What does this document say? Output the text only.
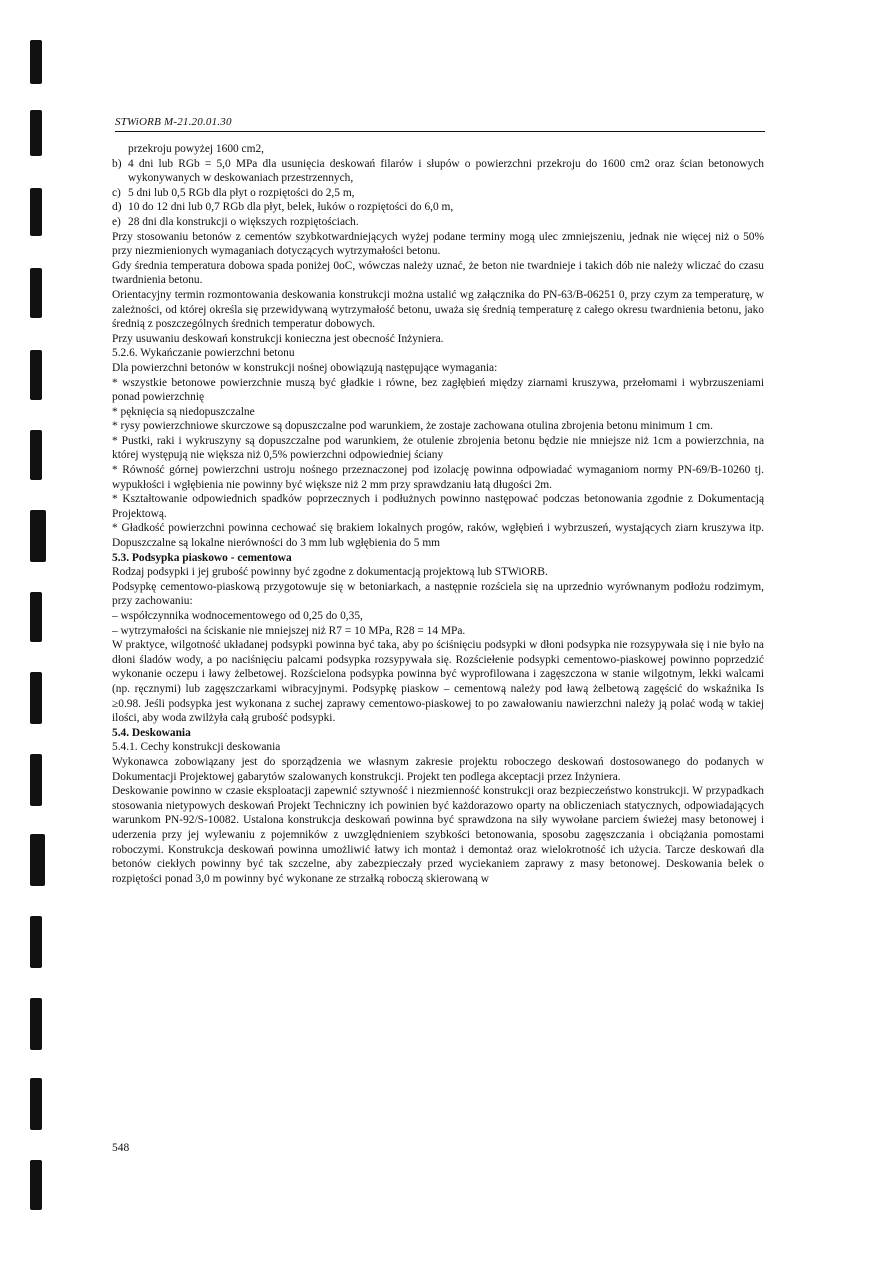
STWiORB M-21.20.01.30

przekroju powyżej 1600 cm2,

b) 4 dni lub RGb = 5,0 MPa dla usunięcia deskowań filarów i słupów o powierzchni przekroju do 1600 cm2 oraz ścian betonowych wykonywanych w deskowaniach przestrzennych,
c) 5 dni lub 0,5 RGb dla płyt o rozpiętości do 2,5 m,
d) 10 do 12 dni lub 0,7 RGb dla płyt, belek, łuków o rozpiętości do 6,0 m,
e) 28 dni dla konstrukcji o większych rozpiętościach.

Przy stosowaniu betonów z cementów szybkotwardniejących wyżej podane terminy mogą ulec zmniejszeniu, jednak nie więcej niż o 50% przy niezmienionych wymaganiach dotyczących wytrzymałości betonu.

Gdy średnia temperatura dobowa spada poniżej 0oC, wówczas należy uznać, że beton nie twardnieje i takich dób nie należy wliczać do czasu twardnienia betonu.

Orientacyjny termin rozmontowania deskowania konstrukcji można ustalić wg załącznika do PN-63/B-06251 0, przy czym za temperaturę, w zależności, od której określa się przewidywaną wytrzymałość betonu, uważa się średnią temperaturę z całego okresu twardnienia betonu, jako średnią z poszczególnych średnich temperatur dobowych.

Przy usuwaniu deskowań konstrukcji konieczna jest obecność Inżyniera.

5.2.6. Wykańczanie powierzchni betonu

Dla powierzchni betonów w konstrukcji nośnej obowiązują następujące wymagania:

* wszystkie betonowe powierzchnie muszą być gładkie i równe, bez zagłębień między ziarnami kruszywa, przełomami i wybrzuszeniami ponad powierzchnię

* pęknięcia są niedopuszczalne

* rysy powierzchniowe skurczowe są dopuszczalne pod warunkiem, że zostaje zachowana otulina zbrojenia betonu minimum 1 cm.

* Pustki, raki i wykruszyny są dopuszczalne pod warunkiem, że otulenie zbrojenia betonu będzie nie mniejsze niż 1cm a powierzchnia, na której występują nie większa niż 0,5% powierzchni odpowiedniej ściany

* Równość górnej powierzchni ustroju nośnego przeznaczonej pod izolację powinna odpowiadać wymaganiom normy PN-69/B-10260 tj. wypukłości i wgłębienia nie powinny być większe niż 2 mm przy sprawdzaniu łatą długości 2m.

* Kształtowanie odpowiednich spadków poprzecznych i podłużnych powinno następować podczas betonowania zgodnie z Dokumentacją Projektową.

* Gładkość powierzchni powinna cechować się brakiem lokalnych progów, raków, wgłębień i wybrzuszeń, wystających ziarn kruszywa itp. Dopuszczalne są lokalne nierówności do 3 mm lub wgłębienia do 5 mm

5.3. Podsypka piaskowo - cementowa

Rodzaj podsypki i jej grubość powinny być zgodne z dokumentacją projektową lub STWiORB.

Podsypkę cementowo-piaskową przygotowuje się w betoniarkach, a następnie rozściela się na uprzednio wyrównanym podłożu rodzimym, przy zachowaniu:

– współczynnika wodnocementowego od 0,25 do 0,35,

– wytrzymałości na ściskanie nie mniejszej niż R7 = 10 MPa, R28 = 14 MPa.

W praktyce, wilgotność układanej podsypki powinna być taka, aby po ściśnięciu podsypki w dłoni podsypka nie rozsypywała się i nie było na dłoni śladów wody, a po naciśnięciu palcami podsypka rozsypywała się. Rozściełenie podsypki cementowo-piaskowej powinno poprzedzić wykonanie oczepu i ławy żelbetowej. Rozścielona podsypka powinna być wyprofilowana i zagęszczona w stanie wilgotnym, lekki walcami (np. ręcznymi) lub zagęszczarkami wibracyjnymi. Podsypkę piaskow – cementową należy pod ławą żelbetową zagęścić do wskaźnika Is ≥0.98. Jeśli podsypka jest wykonana z suchej zaprawy cementowo-piaskowej to po zawałowaniu nawierzchni należy ją polać wodą w takiej ilości, aby woda zwilżyła całą grubość podsypki.

5.4. Deskowania

5.4.1. Cechy konstrukcji deskowania

Wykonawca zobowiązany jest do sporządzenia we własnym zakresie projektu roboczego deskowań dostosowanego do podanych w Dokumentacji Projektowej gabarytów szalowanych konstrukcji. Projekt ten podlega akceptacji przez Inżyniera.

Deskowanie powinno w czasie eksploatacji zapewnić sztywność i niezmienność konstrukcji oraz bezpieczeństwo konstrukcji. W przypadkach stosowania nietypowych deskowań Projekt Techniczny ich powinien być każdorazowo oparty na obliczeniach statycznych, odpowiadających warunkom PN-92/S-10082. Ustalona konstrukcja deskowań powinna być sprawdzona na siły wywołane parciem świeżej masy betonowej i uderzenia przy jej wylewaniu z pojemników z uwzględnieniem szybkości betonowania, sposobu zagęszczania i obciążania pomostami roboczymi. Konstrukcja deskowań powinna umożliwić łatwy ich montaż i demontaż oraz wielokrotność ich użycia. Tarcze deskowań dla betonów ciekłych powinny być tak szczelne, aby zabezpieczały przed wyciekaniem zaprawy z masy betonowej. Deskowania belek o rozpiętości ponad 3,0 m powinny być wykonane ze strzałką roboczą skierowaną w

548
